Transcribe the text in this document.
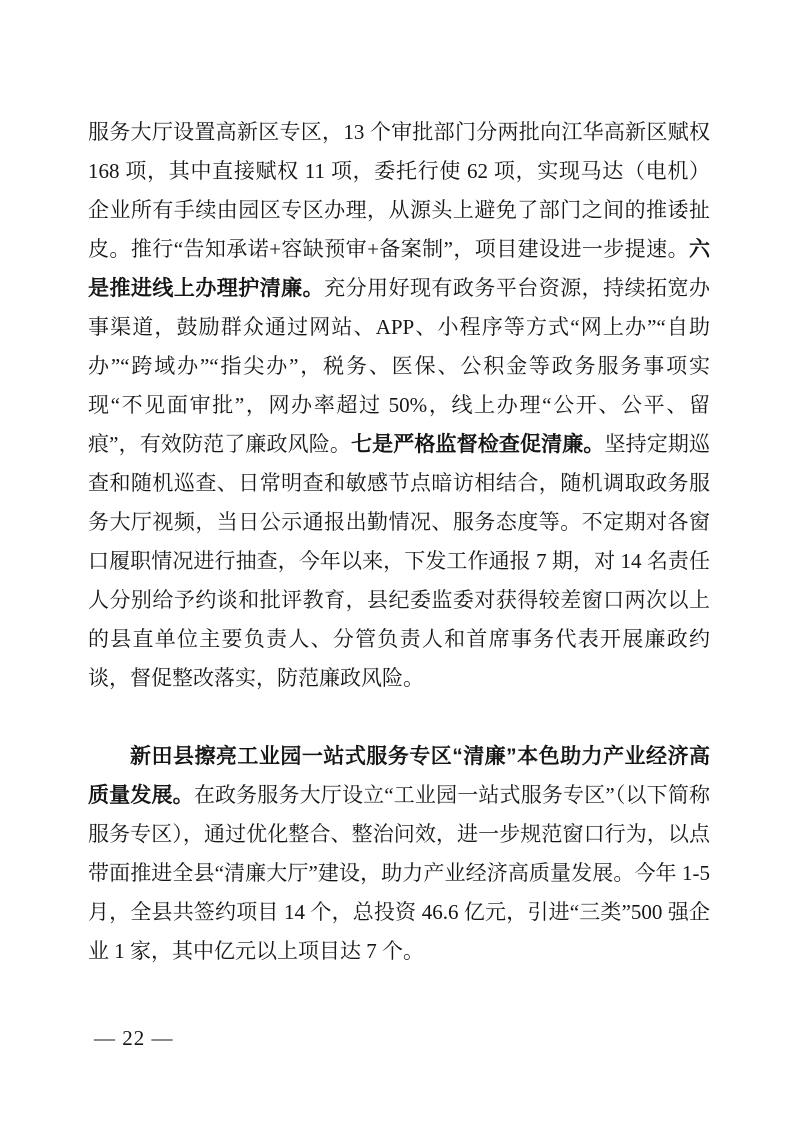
服务大厅设置高新区专区，13 个审批部门分两批向江华高新区赋权 168 项，其中直接赋权 11 项，委托行使 62 项，实现马达（电机）企业所有手续由园区专区办理，从源头上避免了部门之间的推诿扯皮。推行“告知承诺+容缺预审+备案制”，项目建设进一步提速。六是推进线上办理护清廉。充分用好现有政务平台资源，持续拓宽办事渠道，鼓励群众通过网站、APP、小程序等方式“网上办”“自助办”“跨域办”“指尖办”，税务、医保、公积金等政务服务事项实现“不见面审批”，网办率超过 50%，线上办理“公开、公平、留痕”，有效防范了廉政风险。七是严格监督检查促清廉。坚持定期巡查和随机巡查、日常明查和敏感节点暗访相结合，随机调取政务服务大厅视频，当日公示通报出勤情况、服务态度等。不定期对各窗口履职情况进行抽查，今年以来，下发工作通报 7 期，对 14 名责任人分别给予约谈和批评教育，县纪委监委对获得较差窗口两次以上的县直单位主要负责人、分管负责人和首席事务代表开展廉政约谈，督促整改落实，防范廉政风险。

新田县擦亮工业园一站式服务专区“清廉”本色助力产业经济高质量发展。在政务服务大厅设立“工业园一站式服务专区”（以下简称服务专区），通过优化整合、整治问效，进一步规范窗口行为，以点带面推进全县“清廉大厅”建设，助力产业经济高质量发展。今年 1-5 月，全县共签约项目 14 个，总投资 46.6 亿元，引进“三类”500 强企业 1 家，其中亿元以上项目达 7 个。

— 22 —
